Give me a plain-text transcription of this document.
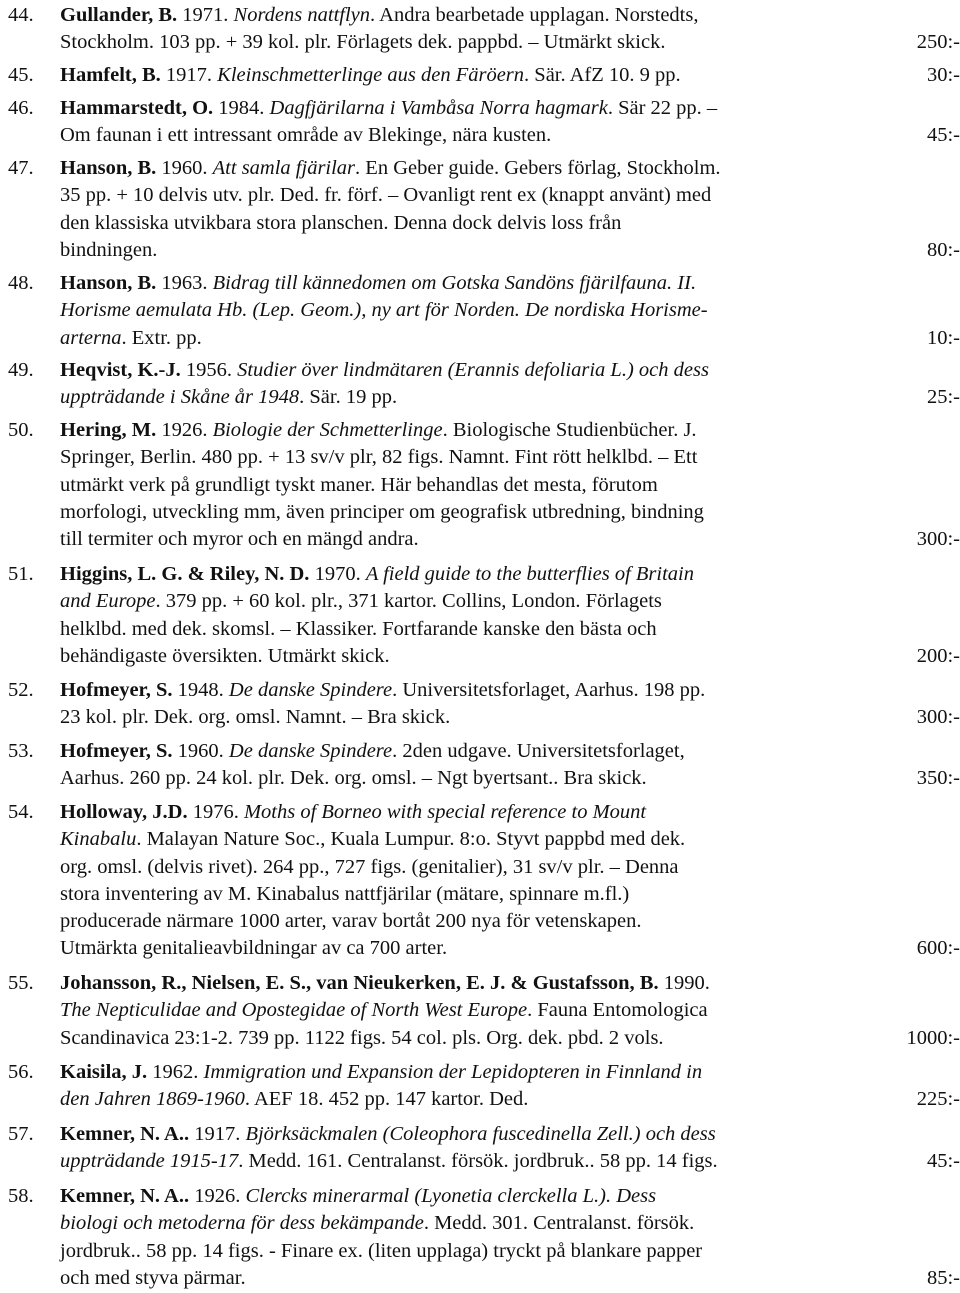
44. Gullander, B. 1971. Nordens nattflyn. Andra bearbetade upplagan. Norstedts,
Stockholm. 103 pp. + 39 kol. plr. Förlagets dek. pappbd. – Utmärkt skick.	250:-
45. Hamfelt, B. 1917. Kleinschmetterlinge aus den Färöern. Sär. AfZ 10. 9 pp.	30:-
46. Hammarstedt, O. 1984. Dagfjärilarna i Vambåsa Norra hagmark. Sär 22 pp. –
Om faunan i ett intressant område av Blekinge, nära kusten.	45:-
47. Hanson, B. 1960. Att samla fjärilar. En Geber guide. Gebers förlag, Stockholm.
35 pp. + 10 delvis utv. plr. Ded. fr. förf. – Ovanligt rent ex (knappt använt) med
den klassiska utvikbara stora planschen. Denna dock delvis loss från
bindningen.	80:-
48. Hanson, B. 1963. Bidrag till kännedomen om Gotska Sandöns fjärilfauna. II.
Horisme aemulata Hb. (Lep. Geom.), ny art för Norden. De nordiska Horisme-
arterna. Extr. pp.	10:-
49. Heqvist, K.-J. 1956. Studier över lindmätaren (Erannis defoliaria L.) och dess
uppträdande i Skåne år 1948. Sär. 19 pp.	25:-
50. Hering, M. 1926. Biologie der Schmetterlinge. Biologische Studienbücher. J.
Springer, Berlin. 480 pp. + 13 sv/v plr, 82 figs. Namnt. Fint rött helklbd. – Ett
utmärkt verk på grundligt tyskt maner. Här behandlas det mesta, förutom
morfologi, utveckling mm, även principer om geografisk utbredning, bindning
till termiter och myror och en mängd andra.	300:-
51. Higgins, L. G. & Riley, N. D. 1970. A field guide to the butterflies of Britain
and Europe. 379 pp. + 60 kol. plr., 371 kartor. Collins, London. Förlagets
helklbd. med dek. skomsl. – Klassiker. Fortfarande kanske den bästa och
behändigaste översikten. Utmärkt skick.	200:-
52. Hofmeyer, S. 1948. De danske Spindere. Universitetsforlaget, Aarhus. 198 pp.
23 kol. plr. Dek. org. omsl. Namnt. – Bra skick.	300:-
53. Hofmeyer, S. 1960. De danske Spindere. 2den udgave. Universitetsforlaget,
Aarhus. 260 pp. 24 kol. plr. Dek. org. omsl. – Ngt byertsant.. Bra skick.	350:-
54. Holloway, J.D. 1976. Moths of Borneo with special reference to Mount
Kinabalu. Malayan Nature Soc., Kuala Lumpur. 8:o. Styvt pappbd med dek.
org. omsl. (delvis rivet). 264 pp., 727 figs. (genitalier), 31 sv/v plr. – Denna
stora inventering av M. Kinabalus nattfjärilar (mätare, spinnare m.fl.)
producerade närmare 1000 arter, varav bortåt 200 nya för vetenskapen.
Utmärkta genitalieavbildningar av ca 700 arter.	600:-
55. Johansson, R., Nielsen, E. S., van Nieukerken, E. J. & Gustafsson, B. 1990.
The Nepticulidae and Opostegidae of North West Europe. Fauna Entomologica
Scandinavica 23:1-2. 739 pp. 1122 figs. 54 col. pls. Org. dek. pbd. 2 vols.	1000:-
56. Kaisila, J. 1962. Immigration und Expansion der Lepidopteren in Finnland in
den Jahren 1869-1960. AEF 18. 452 pp. 147 kartor. Ded.	225:-
57. Kemner, N. A.. 1917. Björksäckmalen (Coleophora fuscedinella Zell.) och dess
uppträdande 1915-17. Medd. 161. Centralanst. försök. jordbruk.. 58 pp. 14 figs.	45:-
58. Kemner, N. A.. 1926. Clercks minerarmal (Lyonetia clerckella L.). Dess
biologi och metoderna för dess bekämpande. Medd. 301. Centralanst. försök.
jordbruk.. 58 pp. 14 figs. - Finare ex. (liten upplaga) tryckt på blankare papper
och med styva pärmar.	85:-
